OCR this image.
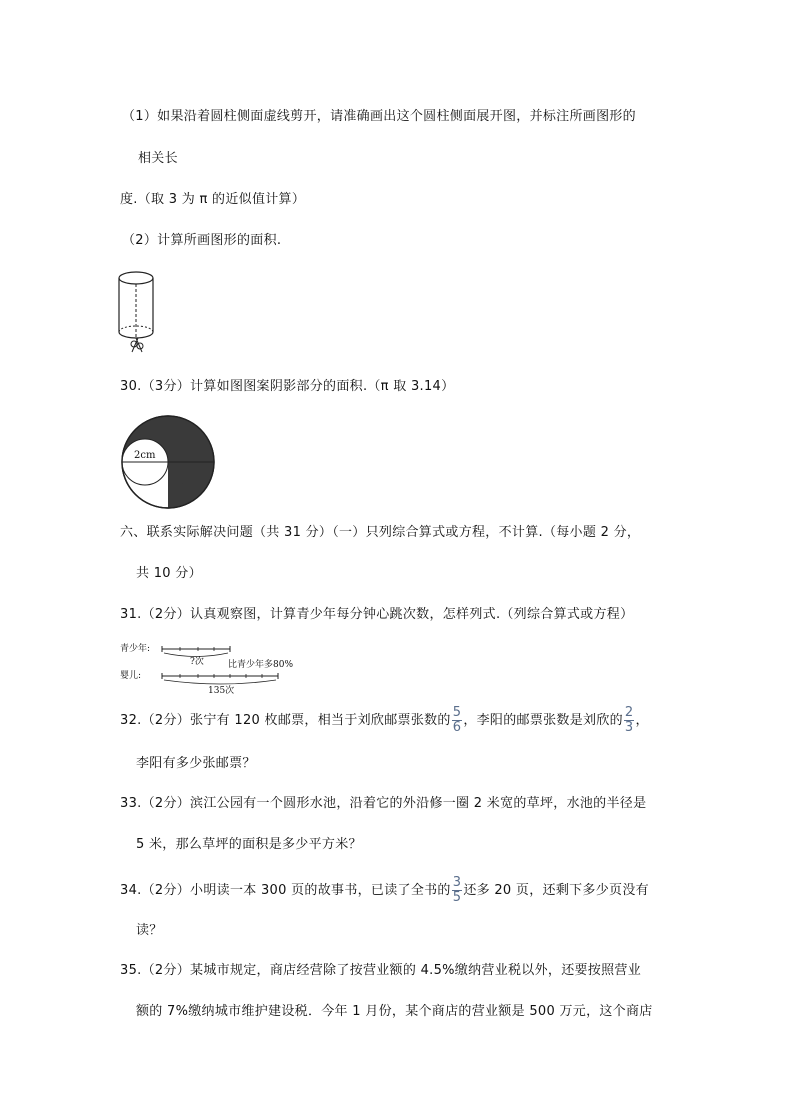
（1）如果沿着圆柱侧面虚线剪开，请准确画出这个圆柱侧面展开图，并标注所画图形的
相关长
度.（取 3 为 π 的近似值计算）
（2）计算所画图形的面积.
30.（3分）计算如图图案阴影部分的面积.（π 取 3.14）
2cm
六、联系实际解决问题（共 31 分）（一）只列综合算式或方程，不计算.（每小题 2 分，
共 10 分）
31.（2分）认真观察图，计算青少年每分钟心跳次数，怎样列式.（列综合算式或方程）
青少年:
?次	比青少年多80%
婴儿:
135次
32.（2分）张宁有 120 枚邮票，相当于刘欣邮票张数的 $\frac{5}{6}$ ，李阳的邮票张数是刘欣的 $\frac{2}{3}$ ，
李阳有多少张邮票？
33.（2分）滨江公园有一个圆形水池，沿着它的外沿修一圈 2 米宽的草坪，水池的半径是
5 米，那么草坪的面积是多少平方米？
34.（2分）小明读一本 300 页的故事书，已读了全书的 $\frac{3}{5}$ 还多 20 页，还剩下多少页没有
读？
35.（2分）某城市规定，商店经营除了按营业额的 4.5%缴纳营业税以外，还要按照营业
额的 7%缴纳城市维护建设税．今年 1 月份，某个商店的营业额是 500 万元，这个商店
